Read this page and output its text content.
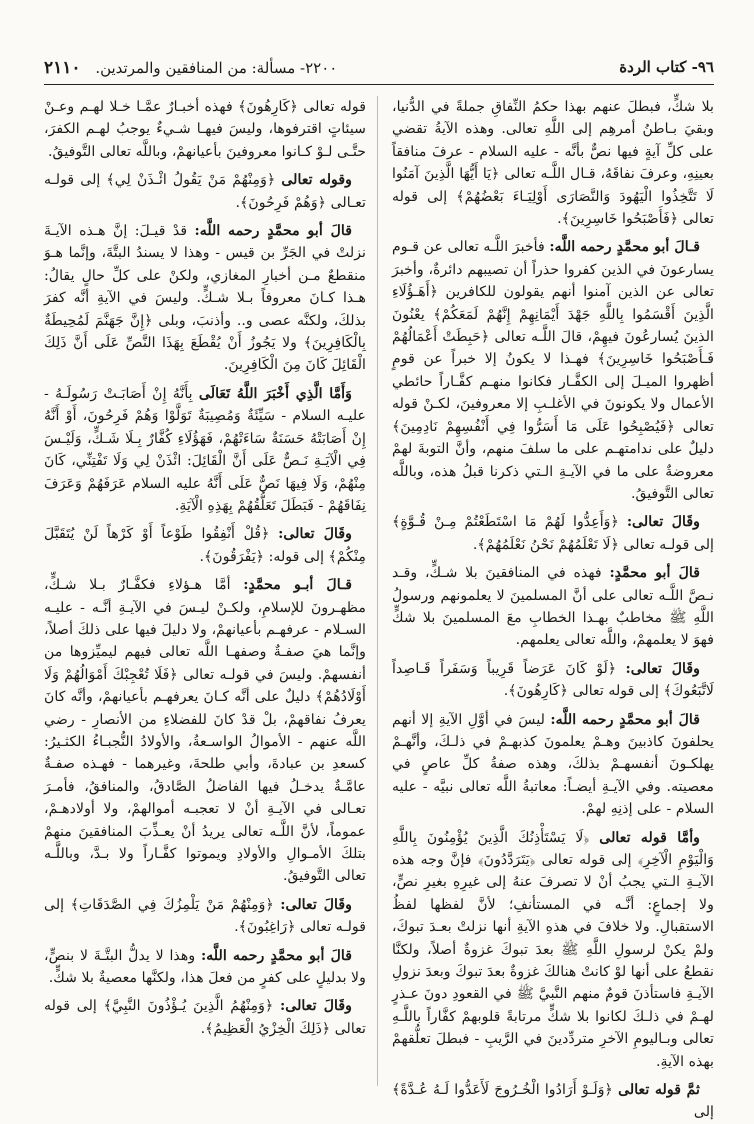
٩٦- كتاب الردة
٢٢٠٠- مسألة: من المنافقين والمرتدين. ٢١١٠

بلا شكٍّ، فبطلَ عنهم بهذا حكمُ النِّفاقِ جملةً في الدُّنيا، وبقيَ بـاطنُ أمرهِم إلى اللَّهِ تعالى. وهذه الآيةُ تقضي على كلِّ آيةٍ فيها نصٌّ بأنَّه - عليه السلام - عرفَ منافقاً بعينِهِ، وعرفَ نفاقَهُ، قـال اللَّـه تعالى ﴿يَا أَيُّهَا الَّذِينَ آمَنُوا لَا تَتَّخِذُوا الْيَهُودَ وَالنَّصَارَى أَوْلِيَـاءَ بَعْضُهُمْ﴾ إلى قوله تعالى ﴿فَأَصْبَحُوا خَاسِرِينَ﴾.

قـالَ أبو محمَّدٍ رحمه اللَّه: فأخبرَ اللَّـه تعالى عن قـوم يسارعونَ في الذين كفروا حذراً أن تصيبهم دائرةٌ، وأخبرَ تعالى عن الذين آمنوا أنهم يقولون للكافرين ﴿أَهَـؤُلَاءِ الَّذِينَ أَقْسَمُوا بِاللَّهِ جَهْدَ أَيْمَانِهِمْ إِنَّهُمْ لَمَعَكُمْ﴾ يعْنُونَ الذينَ يُسارعُونَ فيهِمْ، قالَ اللَّـه تعالى ﴿حَبِطَتْ أَعْمَالُهُمْ فَـأَصْبَحُوا خَاسِرِينَ﴾ فهـذا لا يكونُ إلا خبراً عن قومٍ أظهروا الميـلَ إلى الكفَّـار فكانوا منهـم كفَّـاراً حائطي الأعمال ولا يكونونَ في الأغلـبِ إلا معروفينَ، لكـنْ قوله تعالى ﴿فَيُصْبِحُوا عَلَى مَا أَسَرُّوا فِي أَنْفُسِهِمْ نَادِمِينَ﴾ دليلٌ على ندامتهـم على ما سلفَ منهم، وأنَّ التوبةَ لهمْ معروضةٌ على ما في الآيـةِ الـتي ذكرنا قبلُ هذه، وباللَّه تعالى التَّوفيقُ.

وقَالَ تعالى: ﴿وَأَعِدُّوا لَهُمْ مَا اسْتَطَعْتُمْ مِـنْ قُـوَّةٍ﴾ إلى قولـه تعالى ﴿لَا تَعْلَمُهُمْ نَحْنُ نَعْلَمُهُمْ﴾.

قالَ أبو محمَّدٍ: فهذه في المنافقينَ بلا شـكٍّ، وقـد نـصَّ اللَّـه تعالى على أنَّ المسلمينَ لا يعلمونهم ورسولُ اللَّهِ ﷺ مخاطبٌ بهـذا الخطابِ معَ المسلمينَ بلا شكٍّ فهوَ لا يعلمهمْ، واللَّه تعالى يعلمهم.

وقَالَ تعالى: ﴿لَوْ كَانَ عَرَضاً قَرِيباً وَسَفَراً قَـاصِداً لَاتَّبَعُوكَ﴾ إلى قوله تعالى ﴿كَارِهُونَ﴾.

قالَ أبو محمَّدٍ رحمه اللَّه: ليسَ في أوَّلِ الآيةِ إلا أنهم يحلفونَ كاذبينَ وهـمْ يعلمونَ كذبهـمْ في ذلـكَ، وأنَّهـمْ يهلكـونَ أنفسهـمْ بذلكَ، وهذه صفةُ كلِّ عاصٍ في معصيته. وفي الآيـةِ أيضـاً: معاتبةُ اللَّه تعالى نبيَّه - عليه السلام - على إذنِهِ لهمْ.

وأمَّا قوله تعالى ﴿لَا يَسْتَأْذِنُكَ الَّذِينَ يُؤْمِنُونَ بِاللَّهِ وَالْيَوْمِ الْآخِرِ﴾ إلى قوله تعالى ﴿يَتَرَدَّدُونَ﴾ فإنَّ وجه هذه الآيـةِ الـتي يجبُ أنْ لا تصرفَ عنهُ إلى غيرِهِ بغيرِ نصٍّ، ولا إجماعٍ: أنَّـه في المستأنفِ؛ لأنَّ لفظها لفظُ الاستقبالِ. ولا خلافَ في هذهِ الآيةِ أنها نزلتْ بعـدَ تبوكَ، ولمْ يكنْ لرسولِ اللَّهِ ﷺ بعدَ تبوكَ غزوةٌ أصلاً، ولكنَّا نقطعُ على أنها لوْ كانتْ هنالكَ غزوةٌ بعدَ تبوكَ وبعدَ نزولِ الآيـةِ فاستأذنَ قومٌ منهم النَّبيَّ ﷺ في القعودِ دونَ عـذرٍ لهـمْ في ذلـكَ لكانوا بلا شكٍّ مرتابةً قلوبهمْ كفَّاراً باللَّـهِ تعالى وبـاليومِ الآخرِ متردِّدينَ في الرَّيبِ - فبطلَ تعلُّقهمْ بهذه الآيةِ.

ثمَّ قوله تعالى ﴿وَلَـوْ أَرَادُوا الْخُـرُوجَ لَأَعَدُّوا لَـهُ عُـدَّةً﴾ إلى

قوله تعالى ﴿كَارِهُونَ﴾ فهذه أخبـارٌ عمَّـا خـلا لهـم وعـنْ سيئاتٍ اقترفوها، وليسَ فيهـا شـيءٌ يوجبُ لهـم الكفرَ، حتَّـى لـوْ كـانوا معروفينَ بأعيانهمْ، وباللَّه تعالى التَّوفيقُ.

وقوله تعالى ﴿وَمِنْهُمْ مَنْ يَقُولُ ائْـذَنْ لِي﴾ إلى قولـه تعـالى ﴿وَهُمْ فَرِحُونَ﴾.

قالَ أبو محمَّدٍ رحمه اللَّه: قدْ قيـلَ: إنَّ هـذه الآيـةَ نزلتْ في الجَرِّ بن قيس - وهذا لا يسندُ البتَّةَ، وإنَّما هـوَ منقطعٌ مـن أخبارِ المغازي، ولكنْ على كلِّ حالٍ يقالُ: هـذا كـانَ معروفاً بـلا شـكٍّ. وليسَ في الآيةِ أنَّه كفرَ بذلكَ، ولكنَّه عصى و.. وأذنبَ، وبلى ﴿إِنَّ جَهَنَّمَ لَمُحِيطَةٌ بِالْكَافِرِينَ﴾ ولا يَجُوزُ أَنْ يُقْطَعَ بِهَذَا النَّصِّ عَلَى أَنَّ ذَلِكَ الْقَائِلَ كَانَ مِنَ الْكَافِرِينَ.

وَأَمَّا الَّذِي أَخْبَرَ اللَّهُ تَعَالَى بِأَنَّهُ إِنْ أَصَابَـتْ رَسُولَـهُ - عليـه السلام - سَيِّئَةٌ وَمُصِيبَةٌ تَوَلَّوْا وَهُمْ فَرِحُونَ، أَوْ أَنَّهُ إِنْ أَصَابَتْهُ حَسَنَةٌ سَاءَتْهُمْ، فَهَؤُلَاءِ كُفَّارٌ بِـلَا شَـكٍّ، وَلَيْـسَ فِي الْآيَـةِ نَـصٌّ عَلَى أَنَّ الْقَائِلَ: ائْذَنْ لِي وَلَا تَفْتِنِّي، كَانَ مِنْهُمْ، وَلَا فِيهَا نَصٌّ عَلَى أَنَّهُ عليه السلام عَرَفَهُمْ وَعَرَفَ نِفَاقَهُمْ - فَبَطَلَ تَعَلُّقُهُمْ بِهَذِهِ الْآيَةِ.

وقَالَ تعالى: ﴿قُلْ أَنْفِقُوا طَوْعاً أَوْ كَرْهاً لَنْ يُتَقَبَّلَ مِنْكُمْ﴾ إلى قوله: ﴿يَفْرَقُونَ﴾.

قـالَ أبـو محمَّدٍ: أمَّا هـؤلاءِ فكفَّـارٌ بـلا شـكٍّ، مظهـرونَ للإسلامِ، ولكـنْ ليـسَ في الآيـةِ أنَّـه - عليـه السـلام - عرفهـم بأعيانهمْ، ولا دليلَ فيها على ذلكَ أصلاً، وإنَّما هيَ صفـةٌ وصفهـا اللَّه تعالى فيهم ليميِّزوها من أنفسهمْ. وليسَ في قولـه تعالى ﴿فَلَا تُعْجِبْكَ أَمْوَالُهُمْ وَلَا أَوْلَادُهُمْ﴾ دليلٌ على أنَّه كـانَ يعرفهـم بأعيانهمْ، وأنَّه كانَ يعرفُ نفاقهمْ، بلْ قدْ كانَ للفضلاءِ من الأنصارِ - رضي اللَّه عنهم - الأموالُ الواسـعةُ، والأولادُ النُّجبـاءُ الكثـيرُ: كسعدِ بن عبادةَ، وأبي طلحةَ، وغيرهما - فهـذه صفـةٌ عامَّـةٌ يدخـلُ فيها الفاضلُ الصَّادقُ، والمنافقُ، فأمـرَ تعـالى في الآيـةِ أنْ لا تعجبـه أموالهمْ، ولا أولادهـمْ، عموماً، لأنَّ اللَّـه تعالى يريدُ أنْ يعـذِّبَ المنافقينَ منهمْ بتلكَ الأمـوالِ والأولادِ ويموتوا كفَّـاراً ولا بـدَّ، وباللَّـه تعالى التَّوفيقُ.

وقَالَ تعالى: ﴿وَمِنْهُمْ مَنْ يَلْمِزُكَ فِي الصَّدَقَاتِ﴾ إلى قولـه تعالى ﴿رَاغِبُونَ﴾.

قالَ أبو محمَّدٍ رحمه اللَّه: وهذا لا يدلُّ البتَّـةَ لا بنصٍّ، ولا بدليلٍ على كفرٍ من فعلَ هذا، ولكنَّها معصيةٌ بلا شكٍّ.

وقَالَ تعالى: ﴿وَمِنْهُمُ الَّذِينَ يُـؤْذُونَ النَّبِيَّ﴾ إلى قوله تعالى ﴿ذَلِكَ الْخِزْيُ الْعَظِيمُ﴾.
